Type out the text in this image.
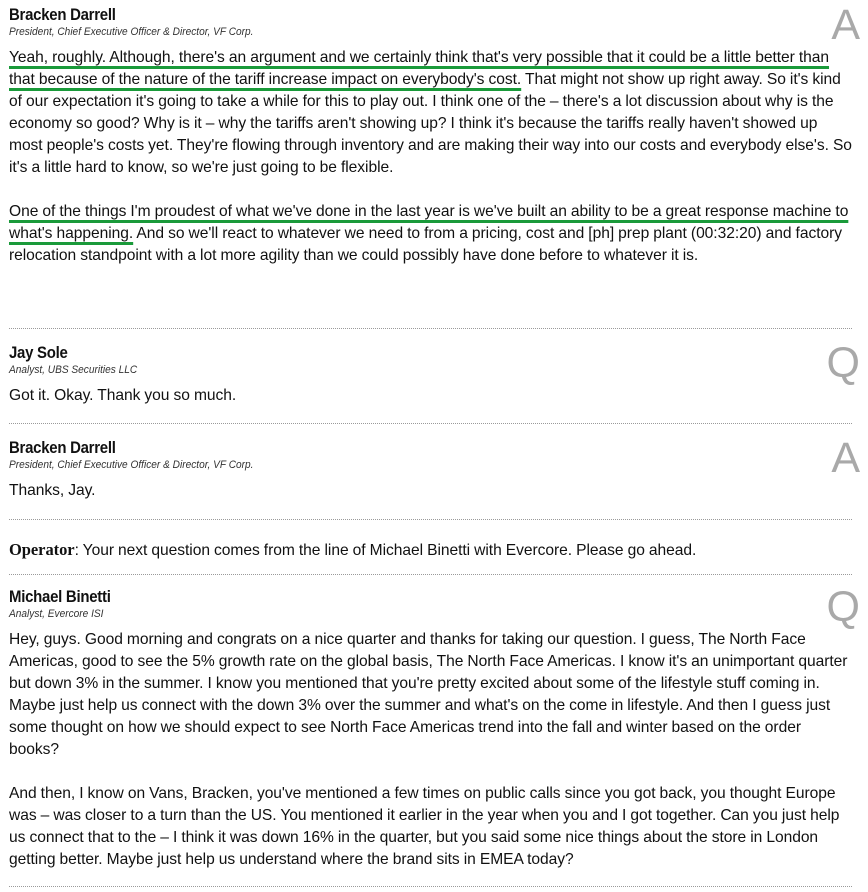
Bracken Darrell

President, Chief Executive Officer & Director, VF Corp.	A

Yeah, roughly. Although, there's an argument and we certainly think that's very possible that it could be a little better than that because of the nature of the tariff increase impact on everybody's cost. That might not show up right away. So it's kind of our expectation it's going to take a while for this to play out. I think one of the – there's a lot discussion about why is the economy so good? Why is it – why the tariffs aren't showing up? I think it's because the tariffs really haven't showed up most people's costs yet. They're flowing through inventory and are making their way into our costs and everybody else's. So it's a little hard to know, so we're just going to be flexible.

One of the things I'm proudest of what we've done in the last year is we've built an ability to be a great response machine to what's happening. And so we'll react to whatever we need to from a pricing, cost and [ph] prep plant (00:32:20) and factory relocation standpoint with a lot more agility than we could possibly have done before to whatever it is.

Jay Sole

Analyst, UBS Securities LLC	Q

Got it. Okay. Thank you so much.

Bracken Darrell

President, Chief Executive Officer & Director, VF Corp.	A

Thanks, Jay.

Operator: Your next question comes from the line of Michael Binetti with Evercore. Please go ahead.

Michael Binetti

Analyst, Evercore ISI	Q

Hey, guys. Good morning and congrats on a nice quarter and thanks for taking our question. I guess, The North Face Americas, good to see the 5% growth rate on the global basis, The North Face Americas. I know it's an unimportant quarter but down 3% in the summer. I know you mentioned that you're pretty excited about some of the lifestyle stuff coming in. Maybe just help us connect with the down 3% over the summer and what's on the come in lifestyle. And then I guess just some thought on how we should expect to see North Face Americas trend into the fall and winter based on the order books?

And then, I know on Vans, Bracken, you've mentioned a few times on public calls since you got back, you thought Europe was – was closer to a turn than the US. You mentioned it earlier in the year when you and I got together. Can you just help us connect that to the – I think it was down 16% in the quarter, but you said some nice things about the store in London getting better. Maybe just help us understand where the brand sits in EMEA today?
